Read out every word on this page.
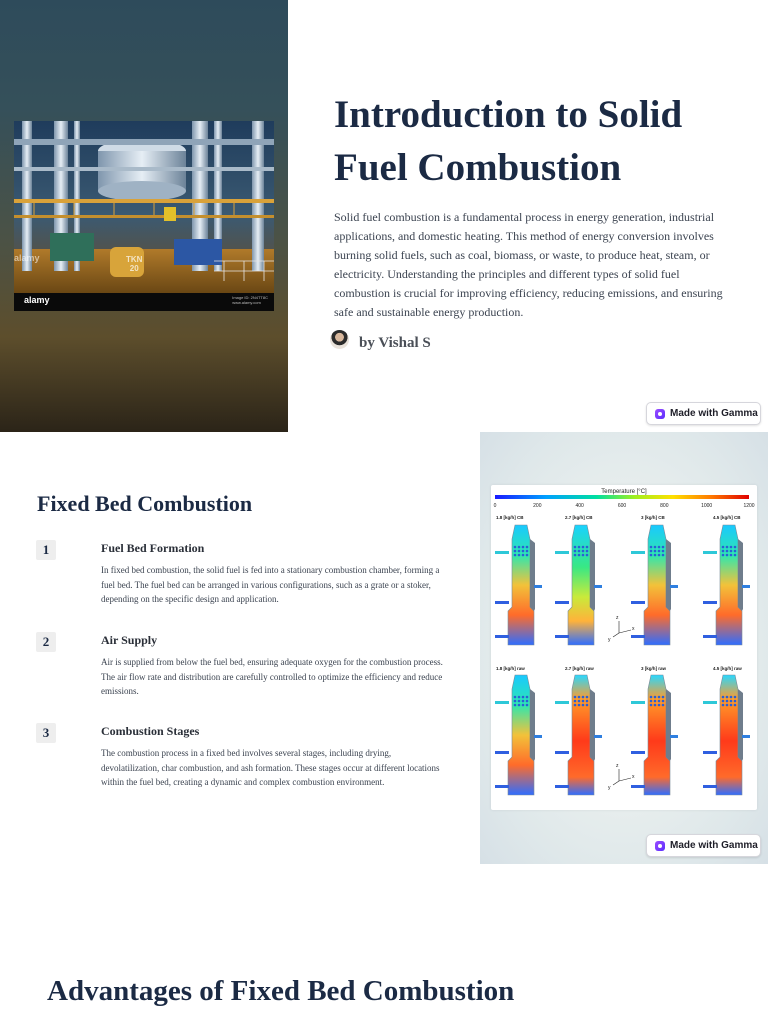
alamy	TKN
20
alamy	Image ID: 2N4TT8C
www.alamy.com
Introduction to Solid Fuel Combustion

Solid fuel combustion is a fundamental process in energy generation, industrial applications, and domestic heating. This method of energy conversion involves burning solid fuels, such as coal, biomass, or waste, to produce heat, steam, or electricity. Understanding the principles and different types of solid fuel combustion is crucial for improving efficiency, reducing emissions, and ensuring safe and sustainable energy production.

by Vishal S
Made with Gamma
Fixed Bed Combustion
1	Fuel Bed Formation
In fixed bed combustion, the solid fuel is fed into a stationary combustion chamber, forming a fuel bed. The fuel bed can be arranged in various configurations, such as a grate or a stoker, depending on the specific design and application.
2	Air Supply
Air is supplied from below the fuel bed, ensuring adequate oxygen for the combustion process. The air flow rate and distribution are carefully controlled to optimize the efficiency and reduce emissions.
3	Combustion Stages
The combustion process in a fixed bed involves several stages, including drying, devolatilization, char combustion, and ash formation. These stages occur at different locations within the fuel bed, creating a dynamic and complex combustion environment.
Temperature [°C]
0	200	400	600	800	1000	1200
1.8 [kg/h] CB	2.7 [kg/h] CB	3 [kg/h] CB	4.5 [kg/h] CB
1.8 [kg/h] raw	2.7 [kg/h] raw	3 [kg/h] raw	4.5 [kg/h] raw
z
x
y
z
x
y
Made with Gamma
Advantages of Fixed Bed Combustion
